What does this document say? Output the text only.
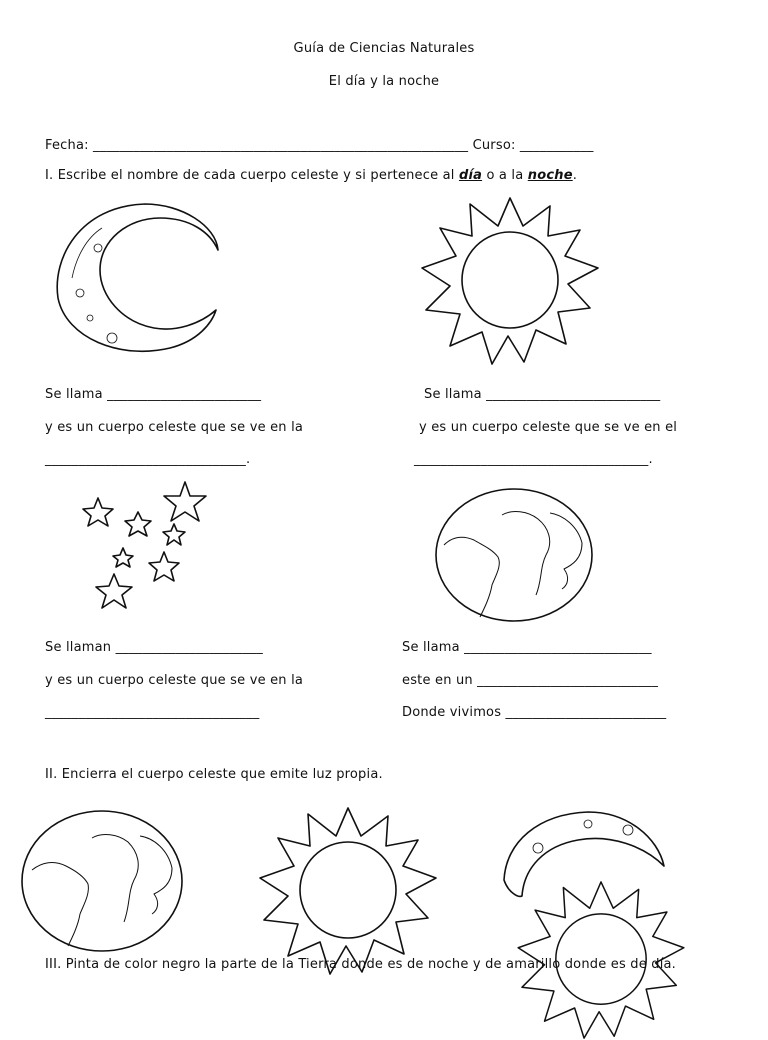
Guía de Ciencias Naturales
El día y la noche
Fecha: ________________________________________________________ Curso: ___________
I. Escribe el nombre de cada cuerpo celeste y si pertenece al día o a la noche.
Se llama _______________________
y es un cuerpo celeste que se ve en la
______________________________.
Se llama __________________________
y es un cuerpo celeste que se ve en el
___________________________________.
Se llaman ______________________
y es un cuerpo celeste que se ve en la
________________________________
Se llama ____________________________
este en un ___________________________
Donde vivimos ________________________
II. Encierra el cuerpo celeste que emite luz propia.
III. Pinta de color negro la parte de la Tierra donde es de noche y de amarillo donde es de día.
